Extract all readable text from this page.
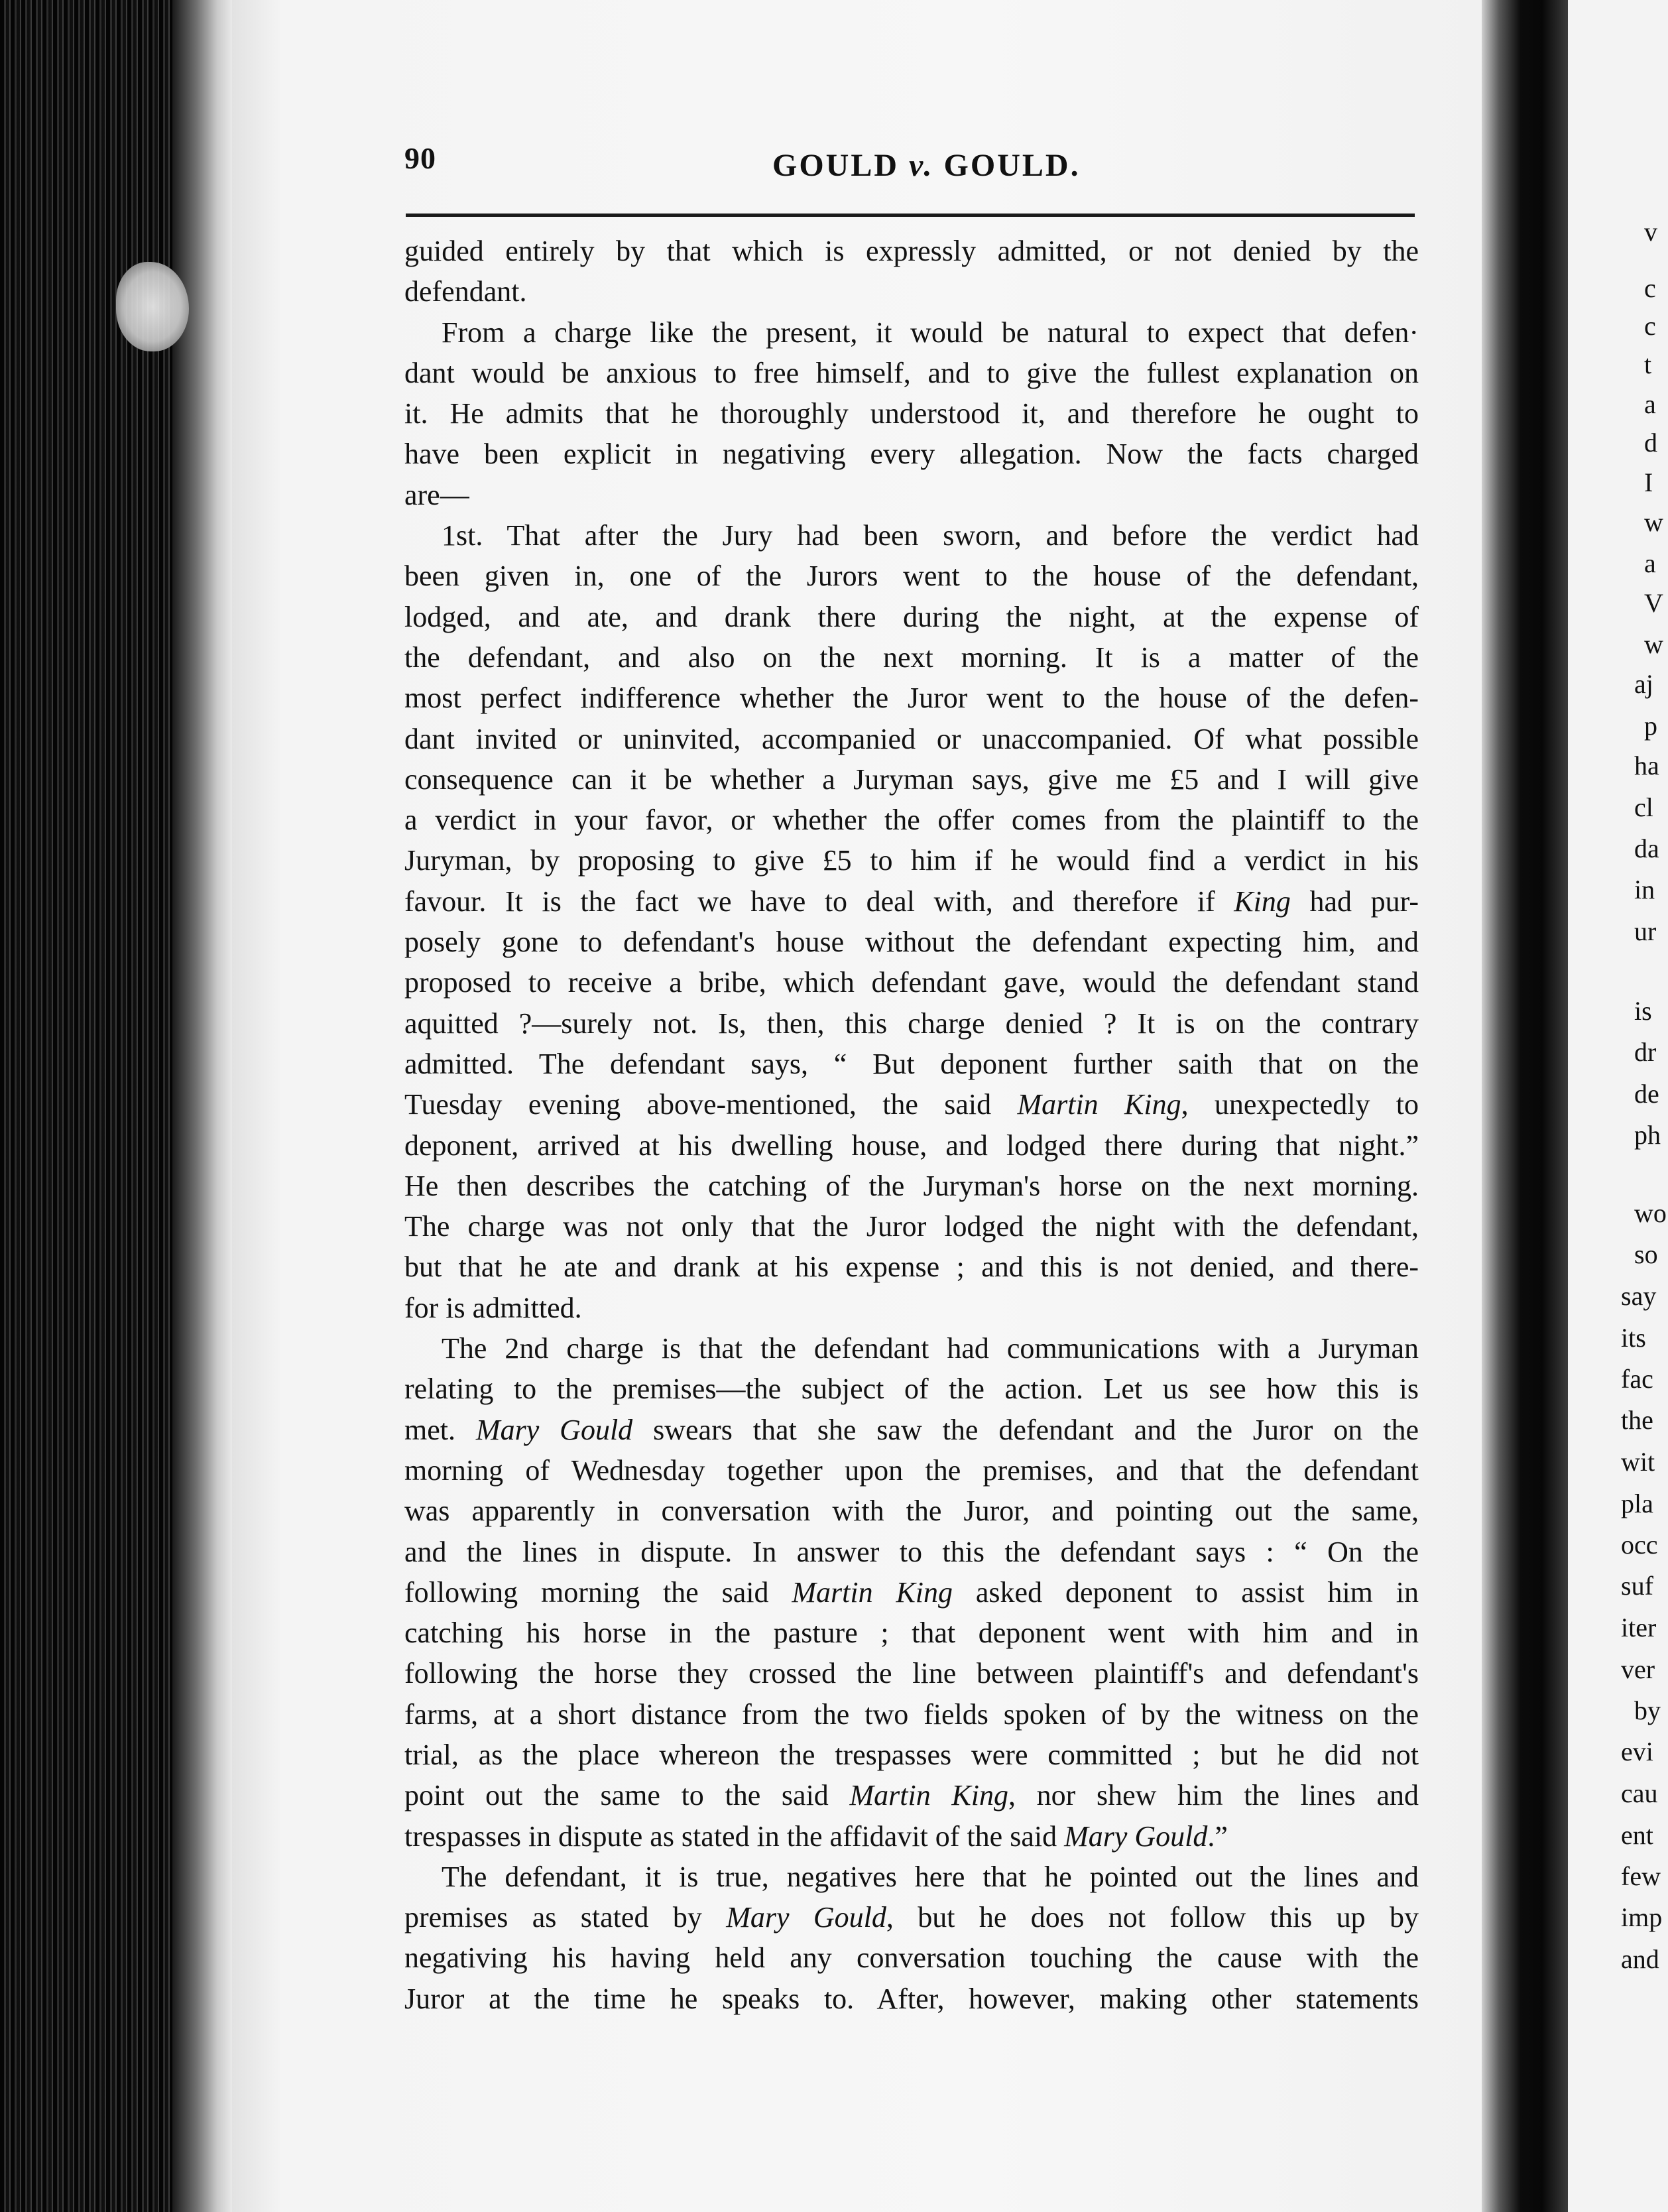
v
c
c
t
a
d
I
w
a
V
w
aj
p
ha
cl
da
in
ur
is
dr
de
ph
wo
so
say
its
fac
the
wit
pla
occ
suf
iter
ver
by
evi
cau
ent
few
imp
and
90	GOULD v. GOULD.

guided entirely by that which is expressly admitted, or not denied by the
defendant.

From a charge like the present, it would be natural to expect that defen·
dant would be anxious to free himself, and to give the fullest explanation on
it. He admits that he thoroughly understood it, and therefore he ought to
have been explicit in negativing every allegation. Now the facts charged
are—

1st. That after the Jury had been sworn, and before the verdict had
been given in, one of the Jurors went to the house of the defendant,
lodged, and ate, and drank there during the night, at the expense of
the defendant, and also on the next morning. It is a matter of the
most perfect indifference whether the Juror went to the house of the defen-
dant invited or uninvited, accompanied or unaccompanied. Of what possible
consequence can it be whether a Juryman says, give me £5 and I will give
a verdict in your favor, or whether the offer comes from the plaintiff to the
Juryman, by proposing to give £5 to him if he would find a verdict in his
favour. It is the fact we have to deal with, and therefore if King had pur-
posely gone to defendant's house without the defendant expecting him, and
proposed to receive a bribe, which defendant gave, would the defendant stand
aquitted ?—surely not. Is, then, this charge denied ? It is on the contrary
admitted. The defendant says, “ But deponent further saith that on the
Tuesday evening above-mentioned, the said Martin King, unexpectedly to
deponent, arrived at his dwelling house, and lodged there during that night.”
He then describes the catching of the Juryman's horse on the next morning.
The charge was not only that the Juror lodged the night with the defendant,
but that he ate and drank at his expense ; and this is not denied, and there-
for is admitted.

The 2nd charge is that the defendant had communications with a Juryman
relating to the premises—the subject of the action. Let us see how this is
met. Mary Gould swears that she saw the defendant and the Juror on the
morning of Wednesday together upon the premises, and that the defendant
was apparently in conversation with the Juror, and pointing out the same,
and the lines in dispute. In answer to this the defendant says : “ On the
following morning the said Martin King asked deponent to assist him in
catching his horse in the pasture ; that deponent went with him and in
following the horse they crossed the line between plaintiff's and defendant's
farms, at a short distance from the two fields spoken of by the witness on the
trial, as the place whereon the trespasses were committed ; but he did not
point out the same to the said Martin King, nor shew him the lines and
trespasses in dispute as stated in the affidavit of the said Mary Gould.”

The defendant, it is true, negatives here that he pointed out the lines and
premises as stated by Mary Gould, but he does not follow this up by
negativing his having held any conversation touching the cause with the
Juror at the time he speaks to. After, however, making other statements
